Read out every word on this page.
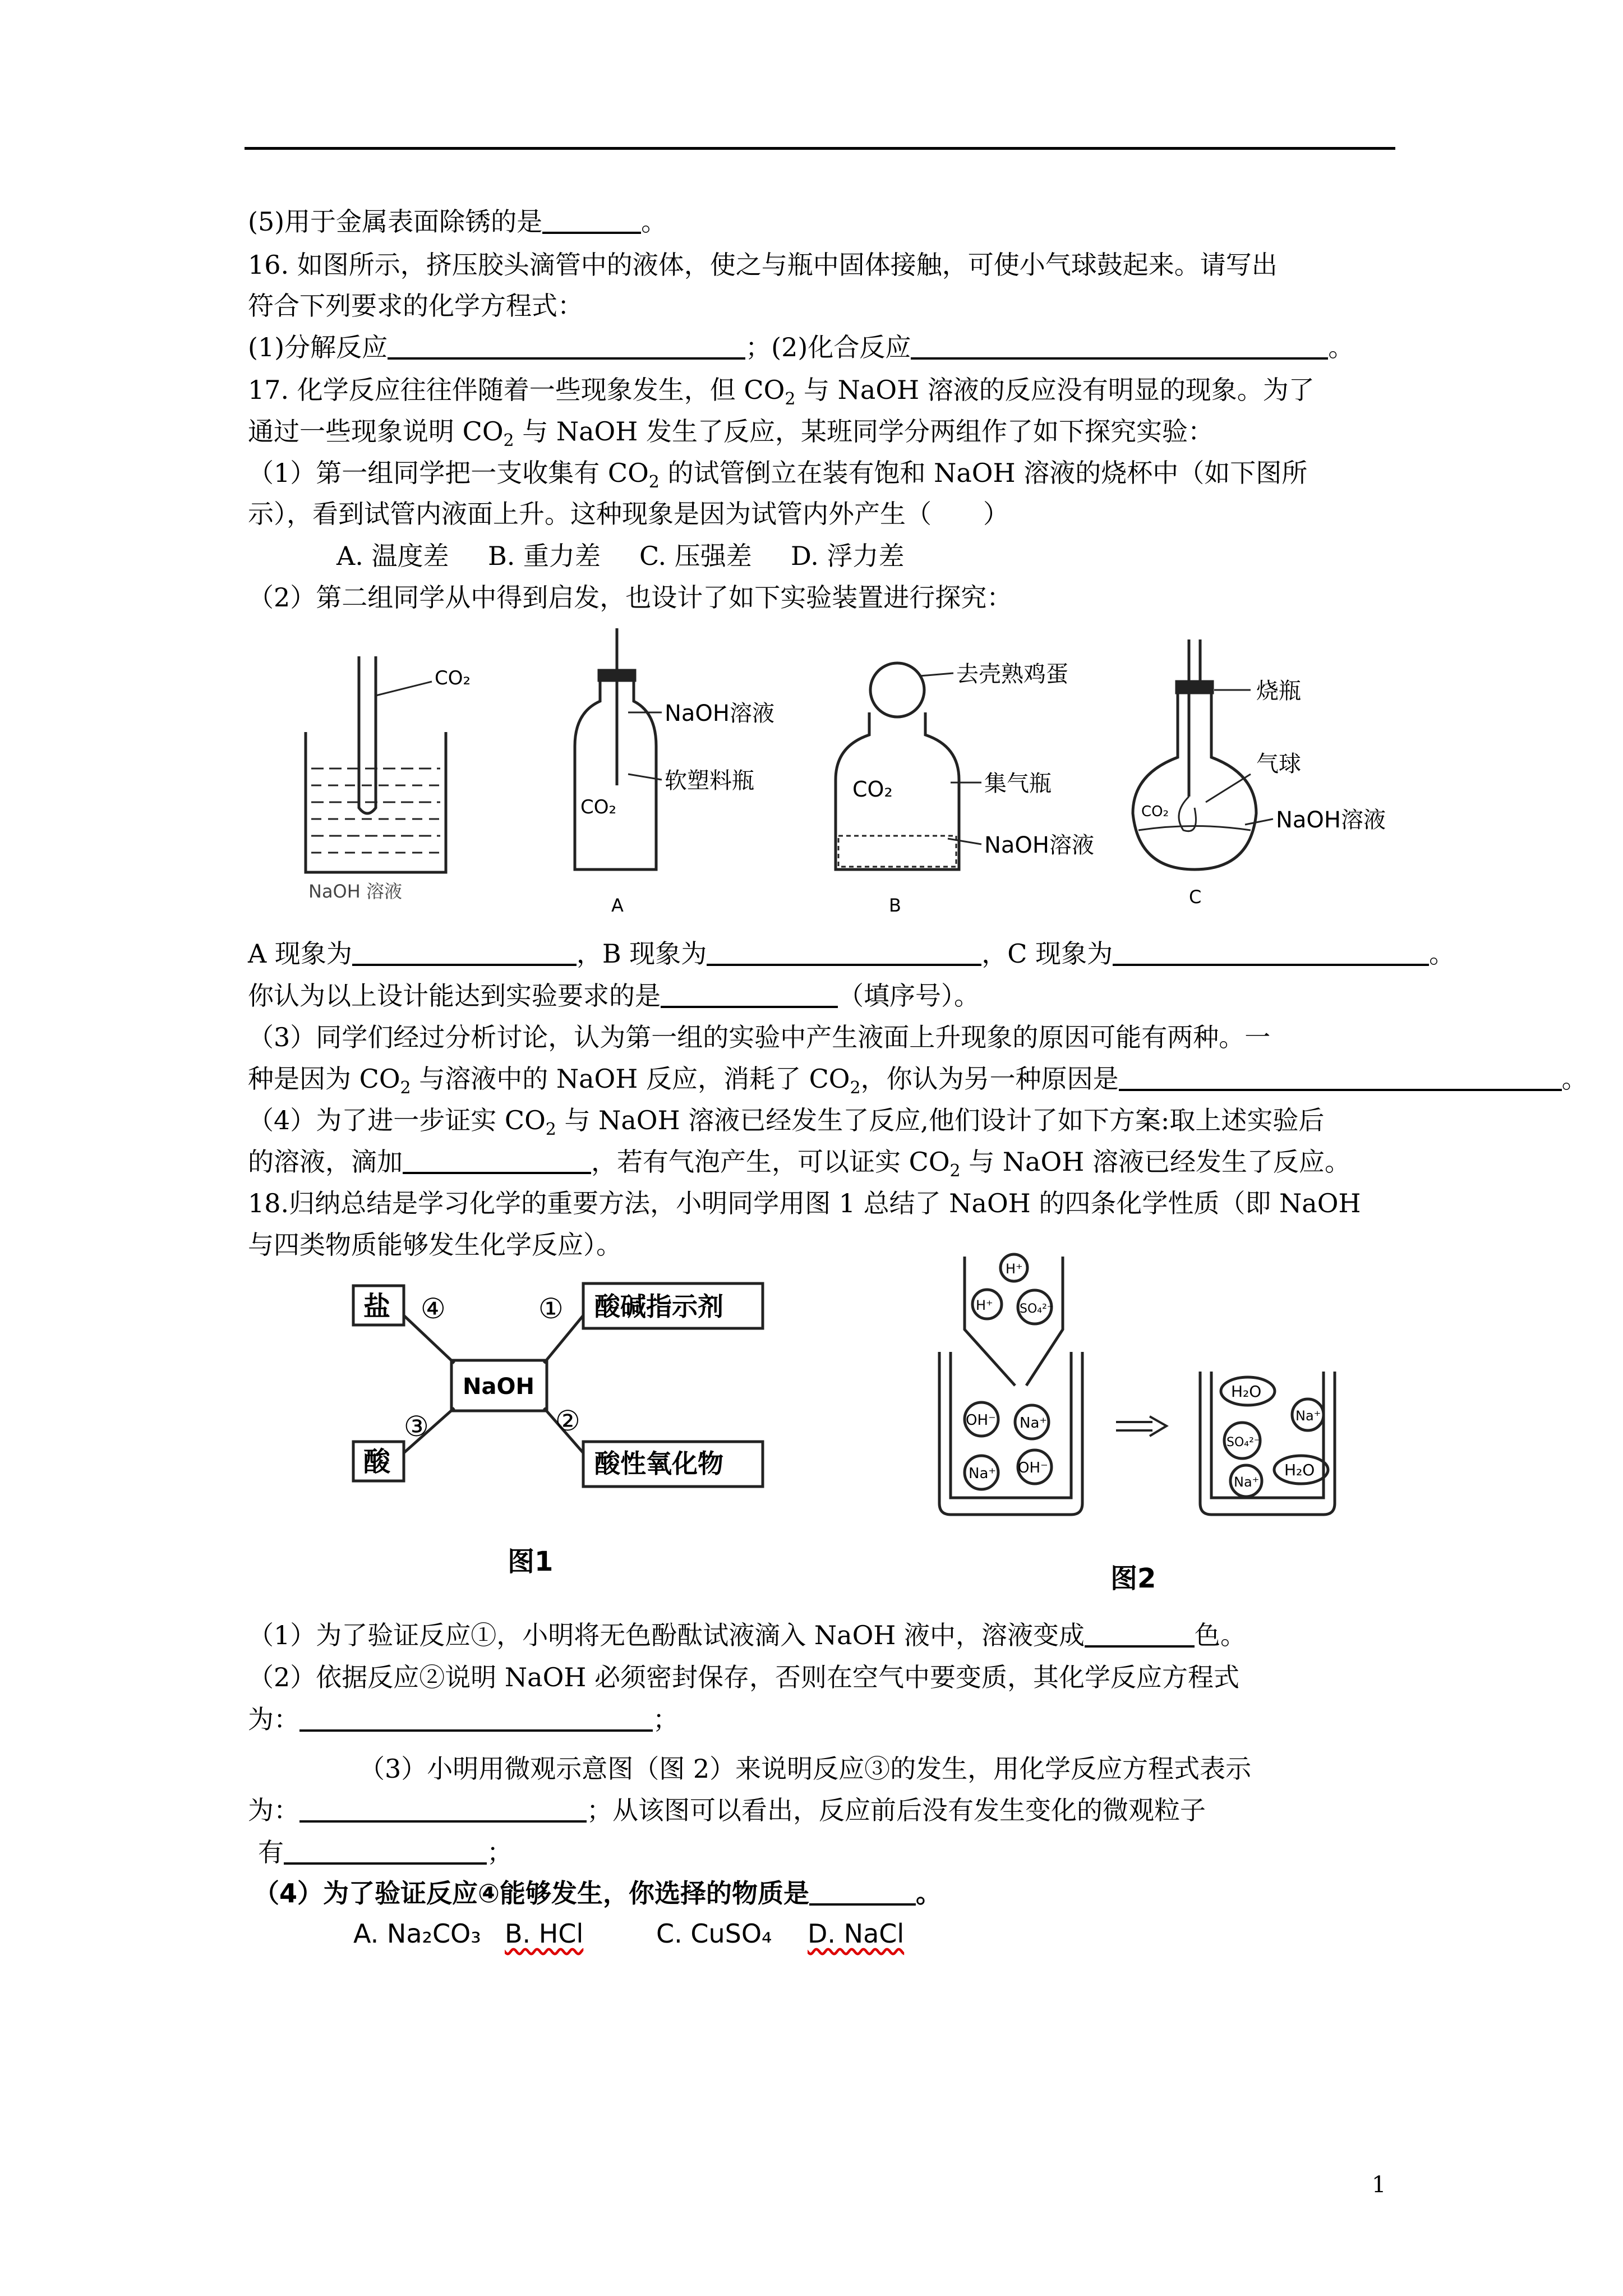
(5)用于金属表面除锈的是	。
16. 如图所示，挤压胶头滴管中的液体，使之与瓶中固体接触，可使小气球鼓起来。请写出
符合下列要求的化学方程式：
(1)分解反应	；(2)化合反应	。
17. 化学反应往往伴随着一些现象发生，但 $CO_2$ 与 NaOH 溶液的反应没有明显的现象。为了
通过一些现象说明 $CO_2$ 与 NaOH 发生了反应，某班同学分两组作了如下探究实验：
（1）第一组同学把一支收集有 $CO_2$ 的试管倒立在装有饱和 NaOH 溶液的烧杯中（如下图所
示），看到试管内液面上升。这种现象是因为试管内外产生（　　）
A. 温度差 B. 重力差 C. 压强差 D. 浮力差
（2）第二组同学从中得到启发，也设计了如下实验装置进行探究：
CO₂
NaOH 溶液
NaOH溶液
CO₂
软塑料瓶
A
去壳熟鸡蛋
CO₂	集气瓶
NaOH溶液
B
烧瓶
CO₂
气球
NaOH溶液
C
A 现象为	，B 现象为	，C 现象为	。
你认为以上设计能达到实验要求的是	（填序号）。
（3）同学们经过分析讨论，认为第一组的实验中产生液面上升现象的原因可能有两种。一
种是因为 $CO_2$ 与溶液中的 NaOH 反应，消耗了 $CO_2$，你认为另一种原因是	。
（4）为了进一步证实 $CO_2$ 与 NaOH 溶液已经发生了反应,他们设计了如下方案:取上述实验后
的溶液，滴加	，若有气泡产生，可以证实 $CO_2$ 与 NaOH 溶液已经发生了反应。
18.归纳总结是学习化学的重要方法，小明同学用图 1 总结了 NaOH 的四条化学性质（即 NaOH
与四类物质能够发生化学反应）。
盐	酸碱指示剂
NaOH
酸	酸性氧化物
①
②
③
④
图1
H⁺
H⁺ SO₄²⁻
OH⁻ Na⁺
Na⁺ OH⁻
H₂O
Na⁺
SO₄²⁻
Na⁺
H₂O
图2
（1）为了验证反应①，小明将无色酚酞试液滴入 NaOH 液中，溶液变成	色。
（2）依据反应②说明 NaOH 必须密封保存，否则在空气中要变质，其化学反应方程式
为：	；
（3）小明用微观示意图（图 2）来说明反应③的发生，用化学反应方程式表示
为：	；从该图可以看出，反应前后没有发生变化的微观粒子
有	；
（4）为了验证反应④能够发生，你选择的物质是	。
A. Na₂CO₃ B. HCl	C. CuSO₄ D. NaCl
1
